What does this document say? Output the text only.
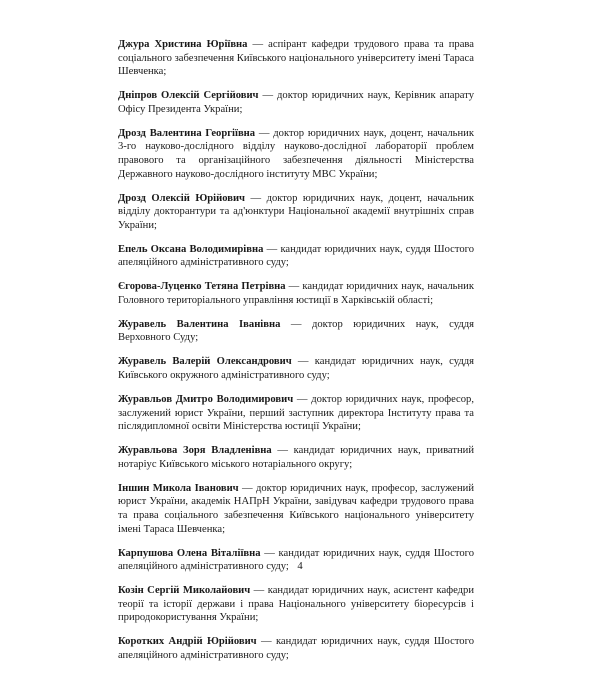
Джура Христина Юріївна — аспірант кафедри трудового права та права соціального забезпечення Київського національного університету імені Тараса Шевченка;

Дніпров Олексій Сергійович — доктор юридичних наук, Керівник апарату Офісу Президента України;

Дрозд Валентина Георгіївна — доктор юридичних наук, доцент, начальник 3-го науково-дослідного відділу науково-дослідної лабораторії проблем правового та організаційного забезпечення діяльності Міністерства Державного науково-дослідного інституту МВС України;

Дрозд Олексій Юрійович — доктор юридичних наук, доцент, начальник відділу докторантури та ад'юнктури Національної академії внутрішніх справ України;

Епель Оксана Володимирівна — кандидат юридичних наук, суддя Шостого апеляційного адміністративного суду;

Єгорова-Луценко Тетяна Петрівна — кандидат юридичних наук, начальник Головного територіального управління юстиції в Харківській області;

Журавель Валентина Іванівна — доктор юридичних наук, суддя Верховного Суду;

Журавель Валерій Олександрович — кандидат юридичних наук, суддя Київського окружного адміністративного суду;

Журавльов Дмитро Володимирович — доктор юридичних наук, професор, заслужений юрист України, перший заступник директора Інституту права та післядипломної освіти Міністерства юстиції України;

Журавльова Зоря Владленівна — кандидат юридичних наук, приватний нотаріус Київського міського нотаріального округу;

Іншин Микола Іванович — доктор юридичних наук, професор, заслужений юрист України, академік НАПрН України, завідувач кафедри трудового права та права соціального забезпечення Київського національного університету імені Тараса Шевченка;

Карпушова Олена Віталіївна — кандидат юридичних наук, суддя Шостого апеляційного адміністративного суду;

Козін Сергій Миколайович — кандидат юридичних наук, асистент кафедри теорії та історії держави і права Національного університету біоресурсів і природокористування України;

Коротких Андрій Юрійович — кандидат юридичних наук, суддя Шостого апеляційного адміністративного суду;

4
